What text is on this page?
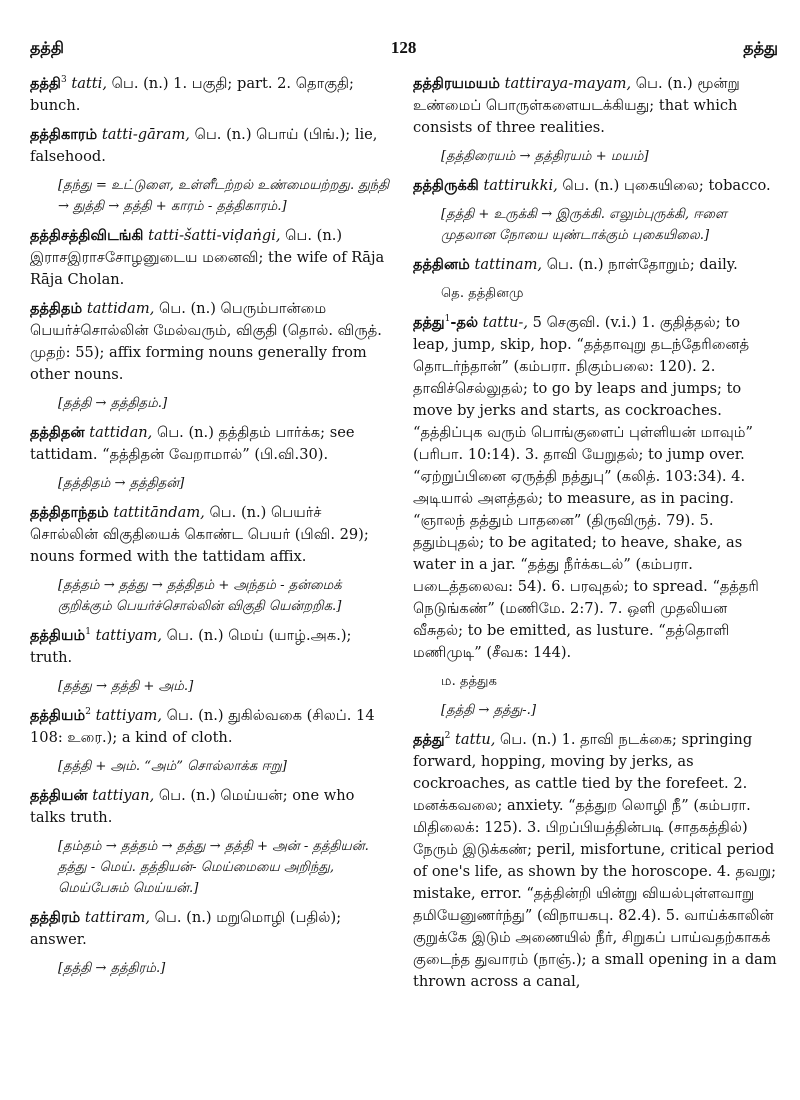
தத்தி	128	தத்து

தத்தி$^3$ tatti, பெ. (n.) 1. பகுதி; part. 2. தொகுதி; bunch.

தத்திகாரம் tatti-gāram, பெ. (n.) பொய் (பிங்.); lie, falsehood.

[தந்து = உட்டுளை, உள்ளீடற்றல் உண்மையற்றது. துந்தி → துத்தி → தத்தி + காரம் - தத்திகாரம்.]

தத்திசத்திவிடங்கி tatti-šatti-viḍaṅgi, பெ. (n.) இராசஇராசசோழனுடைய மனைவி; the wife of Rāja Rāja Cholan.

தத்திதம் tattidam, பெ. (n.) பெரும்பான்மை பெயர்ச்சொல்லின் மேல்வரும், விகுதி (தொல். விருத். முதற்: 55); affix forming nouns generally from other nouns.

[தத்தி → தத்திதம்.]

தத்திதன் tattidan, பெ. (n.) தத்திதம் பார்க்க; see tattidam. “தத்திதன் வேறாமால்” (பி.வி.30).

[தத்திதம் → தத்திதன்]

தத்திதாந்தம் tattitāndam, பெ. (n.) பெயர்ச் சொல்லின் விகுதியைக் கொண்ட பெயர் (பிவி. 29); nouns formed with the tattidam affix.

[தத்தம் → தத்து → தத்திதம் + அந்தம் - தன்மைக் குறிக்கும் பெயர்ச்சொல்லின் விகுதி யென்றறிக.]

தத்தியம்$^1$ tattiyam, பெ. (n.) மெய் (யாழ்.அக.); truth.

[தத்து → தத்தி + அம்.]

தத்தியம்$^2$ tattiyam, பெ. (n.) துகில்வகை (சிலப். 14 108: உரை.); a kind of cloth.

[தத்தி + அம். “அம்” சொல்லாக்க ஈறு]

தத்தியன் tattiyan, பெ. (n.) மெய்யன்; one who talks truth.

[தம்தம் → தத்தம் → தத்து → தத்தி + அன் - தத்தியன். தத்து - மெய். தத்தியன்- மெய்மையை அறிந்து, மெய்பேசும் மெய்யன்.]

தத்திரம் tattiram, பெ. (n.) மறுமொழி (பதில்); answer.

[தத்தி → தத்திரம்.]

தத்திரயமயம் tattiraya-mayam, பெ. (n.) மூன்று உண்மைப் பொருள்களையடக்கியது; that which consists of three realities.

[தத்திரையம் → தத்திரயம் + மயம்]

தத்திருக்கி tattirukki, பெ. (n.) புகையிலை; tobacco.

[தத்தி + உருக்கி → இருக்கி. எலும்புருக்கி, ஈளை முதலான நோயை யுண்டாக்கும் புகையிலை.]

தத்தினம் tattinam, பெ. (n.) நாள்தோறும்; daily.

தெ. தத்தினமு

தத்து$^1$-தல் tattu-, 5 செகுவி. (v.i.) 1. குதித்தல்; to leap, jump, skip, hop. “தத்தாவுறு தடந்தேரினைத் தொடர்ந்தான்” (கம்பரா. நிகும்பலை: 120). 2. தாவிச்செல்லுதல்; to go by leaps and jumps; to move by jerks and starts, as cockroaches. “தத்திப்புக வரும் பொங்குளைப் புள்ளியன் மாவும்” (பரிபா. 10:14). 3. தாவி யேறுதல்; to jump over. “ஏற்றுப்பினை ஏருத்தி நத்துபு” (கலித். 103:34). 4. அடியால் அளத்தல்; to measure, as in pacing. “ஞாலந் தத்தும் பாதனை” (திருவிருத். 79). 5. ததும்புதல்; to be agitated; to heave, shake, as water in a jar. “தத்து நீர்க்கடல்” (கம்பரா. படைத்தலைவ: 54). 6. பரவுதல்; to spread. “தத்தரி நெடுங்கண்” (மணிமே. 2:7). 7. ஒளி முதலியன வீசுதல்; to be emitted, as lusture. “தத்தொளி மணிமுடி” (சீவக: 144).

ம. தத்துக

[தத்தி → தத்து-.]

தத்து$^2$ tattu, பெ. (n.) 1. தாவி நடக்கை; springing forward, hopping, moving by jerks, as cockroaches, as cattle tied by the forefeet. 2. மனக்கவலை; anxiety. “தத்துற லொழி நீ” (கம்பரா. மிதிலைக்: 125). 3. பிறப்பியத்தின்படி (சாதகத்தில்) நேரும் இடுக்கண்; peril, misfortune, critical period of one's life, as shown by the horoscope. 4. தவறு; mistake, error. “தத்தின்றி யின்று வியல்புள்ளவாறு தமியேனுணர்ந்து” (விநாயகபு. 82.4). 5. வாய்க்காலின் குறுக்கே இடும் அணையில் நீர், சிறுகப் பாய்வதற்காகக் குடைந்த துவாரம் (நாஞ்.); a small opening in a dam thrown across a canal,
